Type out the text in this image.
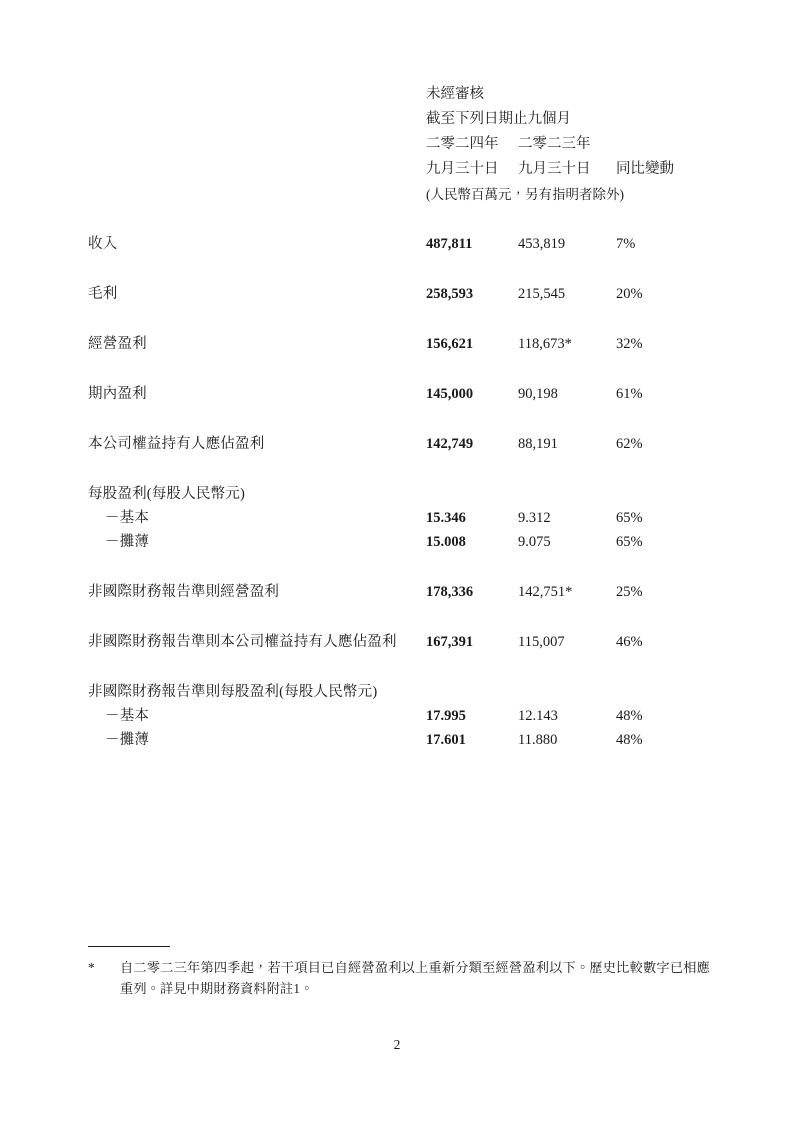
	未經審核		
	截至下列日期止九個月		
	二零二四年	二零二三年	
	九月三十日	九月三十日	同比變動
	(人民幣百萬元，另有指明者除外)		

收入	487,811	453,819	7%

毛利	258,593	215,545	20%

經營盈利	156,621	118,673*	32%

期內盈利	145,000	90,198	61%

本公司權益持有人應佔盈利	142,749	88,191	62%

每股盈利(每股人民幣元)			
－基本	15.346	9.312	65%
－攤薄	15.008	9.075	65%

非國際財務報告準則經營盈利	178,336	142,751*	25%

非國際財務報告準則本公司權益持有人應佔盈利	167,391	115,007	46%

非國際財務報告準則每股盈利(每股人民幣元)			
－基本	17.995	12.143	48%
－攤薄	17.601	11.880	48%
*	自二零二三年第四季起，若干項目已自經營盈利以上重新分類至經營盈利以下。歷史比較數字已相應重列。詳見中期財務資料附註1。
2
